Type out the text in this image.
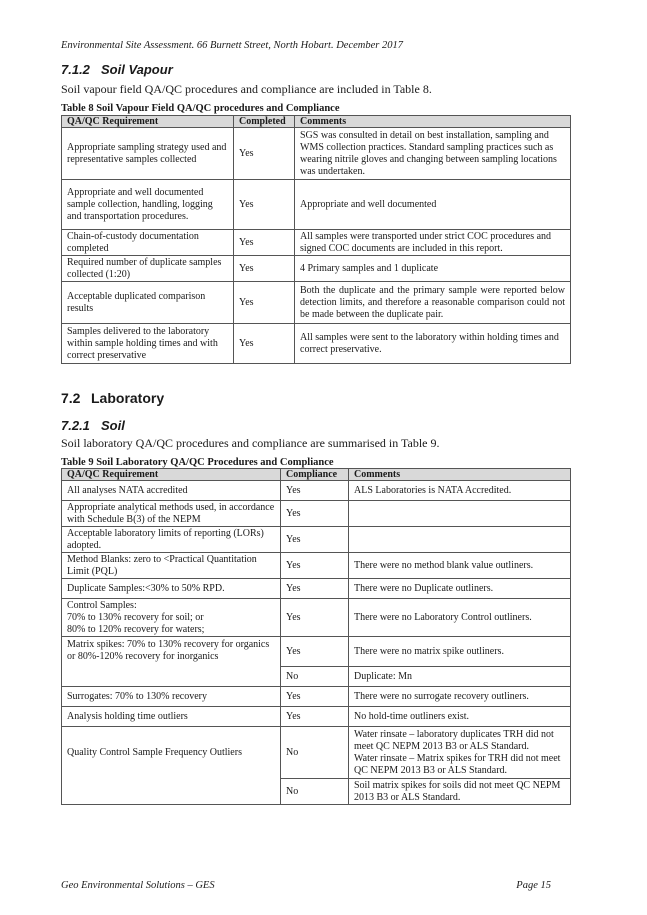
Environmental Site Assessment. 66 Burnett Street, North Hobart. December 2017
7.1.2 Soil Vapour
Soil vapour field QA/QC procedures and compliance are included in Table 8.
Table 8 Soil Vapour Field QA/QC procedures and Compliance
QA/QC Requirement	Completed	Comments
Appropriate sampling strategy used and representative samples collected	Yes	SGS was consulted in detail on best installation, sampling and WMS collection practices. Standard sampling practices such as wearing nitrile gloves and changing between sampling locations was undertaken.
Appropriate and well documented sample collection, handling, logging and transportation procedures.	Yes	Appropriate and well documented
Chain-of-custody documentation completed	Yes	All samples were transported under strict COC procedures and signed COC documents are included in this report.
Required number of duplicate samples collected (1:20)	Yes	4 Primary samples and 1 duplicate
Acceptable duplicated comparison results	Yes	Both the duplicate and the primary sample were reported below detection limits, and therefore a reasonable comparison could not be made between the duplicate pair.
Samples delivered to the laboratory within sample holding times and with correct preservative	Yes	All samples were sent to the laboratory within holding times and correct preservative.
7.2 Laboratory
7.2.1 Soil
Soil laboratory QA/QC procedures and compliance are summarised in Table 9.
Table 9 Soil Laboratory QA/QC Procedures and Compliance
QA/QC Requirement	Compliance	Comments
All analyses NATA accredited	Yes	ALS Laboratories is NATA Accredited.
Appropriate analytical methods used, in accordance with Schedule B(3) of the NEPM	Yes	
Acceptable laboratory limits of reporting (LORs) adopted.	Yes	
Method Blanks: zero to <Practical Quantitation Limit (PQL)	Yes	There were no method blank value outliners.
Duplicate Samples:<30% to 50% RPD.	Yes	There were no Duplicate outliners.

Control Samples:
70% to 130% recovery for soil; or
80% to 120% recovery for waters;	Yes	There were no Laboratory Control outliners.
Matrix spikes: 70% to 130% recovery for organics or 80%-120% recovery for inorganics	Yes	There were no matrix spike outliners.
	No	Duplicate: Mn
Surrogates: 70% to 130% recovery	Yes	There were no surrogate recovery outliners.
Analysis holding time outliers	Yes	No hold-time outliners exist.
Quality Control Sample Frequency Outliers	No	Water rinsate – laboratory duplicates TRH did not meet QC NEPM 2013 B3 or ALS Standard.
Water rinsate – Matrix spikes for TRH did not meet QC NEPM 2013 B3 or ALS Standard.

	No	Soil matrix spikes for soils did not meet QC NEPM 2013 B3 or ALS Standard.
Geo Environmental Solutions – GES	Page 15
